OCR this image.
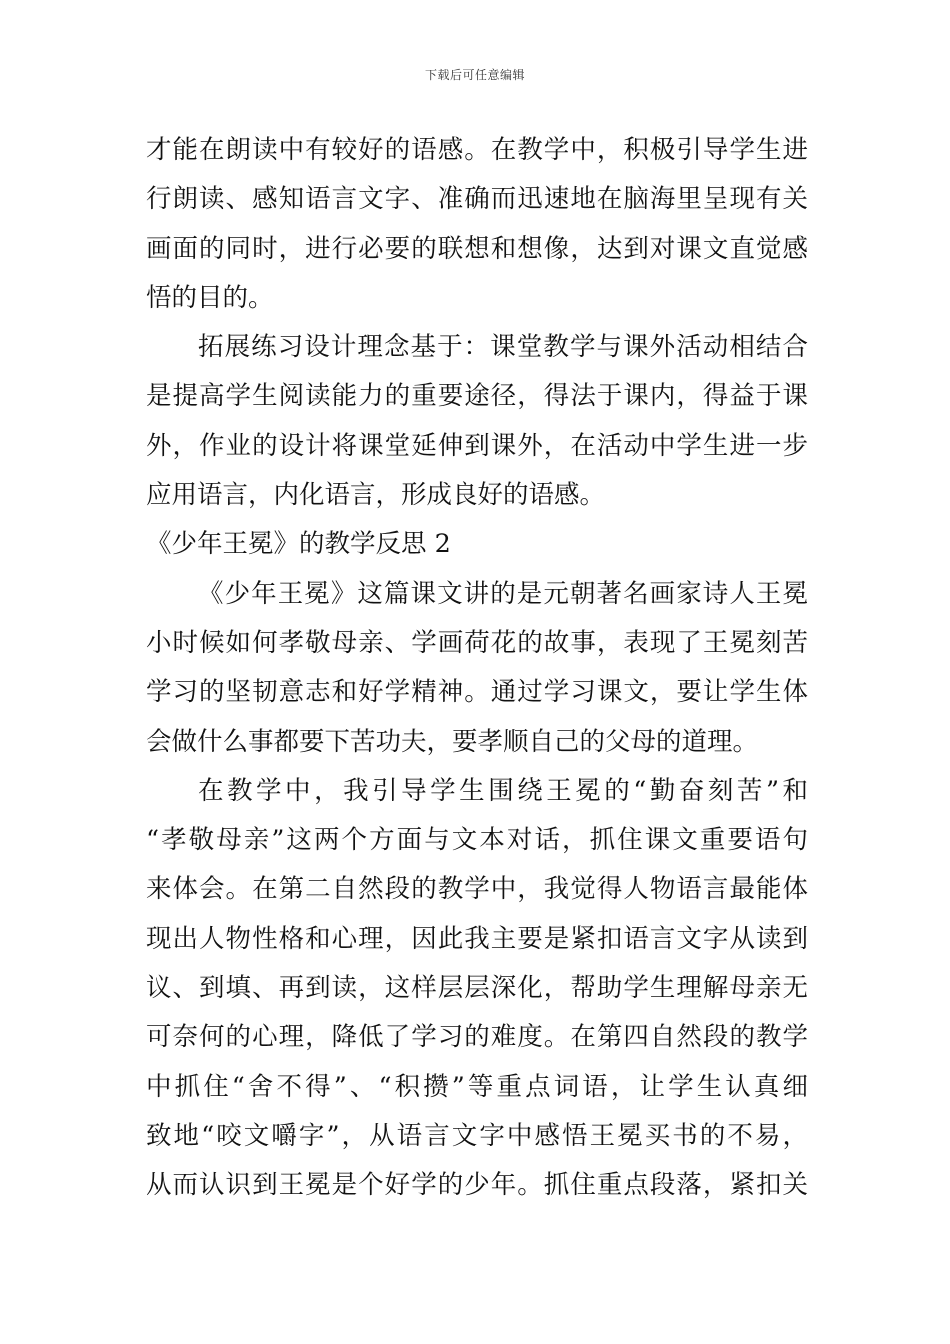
下载后可任意编辑
才能在朗读中有较好的语感。在教学中，积极引导学生进
行朗读、感知语言文字、准确而迅速地在脑海里呈现有关
画面的同时，进行必要的联想和想像，达到对课文直觉感
悟的目的。
拓展练习设计理念基于：课堂教学与课外活动相结合
是提高学生阅读能力的重要途径，得法于课内，得益于课
外，作业的设计将课堂延伸到课外，在活动中学生进一步
应用语言，内化语言，形成良好的语感。
《少年王冕》的教学反思 2
《少年王冕》这篇课文讲的是元朝著名画家诗人王冕
小时候如何孝敬母亲、学画荷花的故事，表现了王冕刻苦
学习的坚韧意志和好学精神。通过学习课文，要让学生体
会做什么事都要下苦功夫，要孝顺自己的父母的道理。
在教学中，我引导学生围绕王冕的“勤奋刻苦”和
“孝敬母亲”这两个方面与文本对话，抓住课文重要语句
来体会。在第二自然段的教学中，我觉得人物语言最能体
现出人物性格和心理，因此我主要是紧扣语言文字从读到
议、到填、再到读，这样层层深化，帮助学生理解母亲无
可奈何的心理，降低了学习的难度。在第四自然段的教学
中抓住“舍不得”、“积攒”等重点词语，让学生认真细
致地“咬文嚼字”，从语言文字中感悟王冕买书的不易，
从而认识到王冕是个好学的少年。抓住重点段落，紧扣关
